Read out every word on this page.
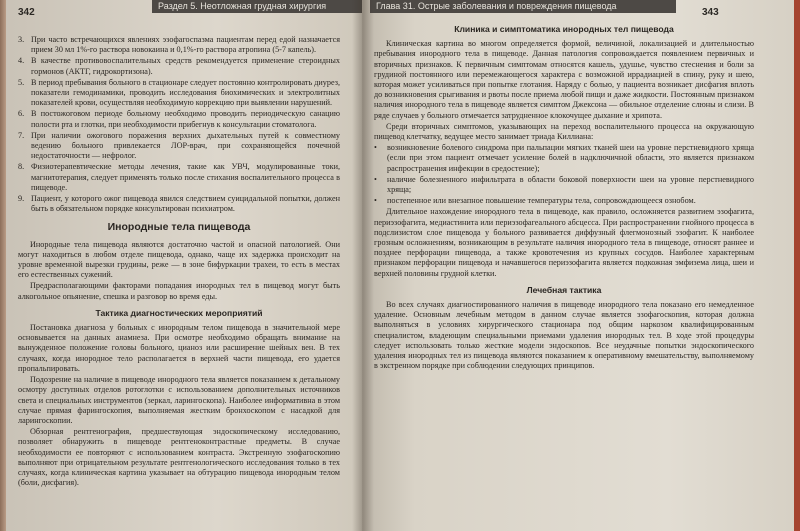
Раздел 5. Неотложная грудная хирургия
342
3. При часто встречающихся явлениях эзофагоспазма пациентам перед едой назначается прием 30 мл 1%-го раствора новокаина и 0,1%-го раствора атропина (5-7 капель).
4. В качестве противовоспалительных средств рекомендуется применение стероидных гормонов (АКТГ, гидрокортизона).
5. В период пребывания больного в стационаре следует постоянно контролировать диурез, показатели гемодинамики, проводить исследования биохимических и электролитных показателей крови, осуществляя необходимую коррекцию при выявлении нарушений.
6. В постожоговом периоде больному необходимо проводить периодическую санацию полости рта и глотки, при необходимости прибегнув к консультации стоматолога.
7. При наличии ожогового поражения верхних дыхательных путей к совместному ведению больного привлекается ЛОР-врач, при сохраняющейся почечной недостаточности — нефролог.
8. Физиотерапевтические методы лечения, такие как УВЧ, модулированные токи, магнитотерапия, следует применять только после стихания воспалительного процесса в пищеводе.
9. Пациент, у которого ожог пищевода явился следствием суицидальной попытки, должен быть в обязательном порядке консультирован психиатром.
Инородные тела пищевода

Инородные тела пищевода являются достаточно частой и опасной патологией. Они могут находиться в любом отделе пищевода, однако, чаще их задержка происходит на уровне временной вырезки грудины, реже — в зоне бифуркации трахеи, то есть в местах его естественных сужений.

Предрасполагающими факторами попадания инородных тел в пищевод могут быть алкогольное опьянение, спешка и разговор во время еды.

Тактика диагностических мероприятий

Постановка диагноза у больных с инородным телом пищевода в значительной мере основывается на данных анамнеза. При осмотре необходимо обращать внимание на вынужденное положение головы больного, цианоз или расширение шейных вен. В тех случаях, когда инородное тело располагается в верхней части пищевода, его удается пропальпировать.

Подозрение на наличие в пищеводе инородного тела является показанием к детальному осмотру доступных отделов ротоглотки с использованием дополнительных источников света и специальных инструментов (зеркал, ларингоскопа). Наиболее информативна в этом случае прямая фарингоскопия, выполняемая жестким бронхоскопом с насадкой для ларингоскопии.

Обзорная рентгенография, предшествующая эндоскопическому исследованию, позволяет обнаружить в пищеводе рентгеноконтрастные предметы. В случае необходимости ее повторяют с использованием контраста. Экстренную эзофагоскопию выполняют при отрицательном результате рентгенологического исследования только в тех случаях, когда клиническая картина указывает на обтурацию пищевода инородным телом (боли, дисфагия).

Глава 31. Острые заболевания и повреждения пищевода
343
Клиника и симптоматика инородных тел пищевода

Клиническая картина во многом определяется формой, величиной, локализацией и длительностью пребывания инородного тела в пищеводе. Данная патология сопровождается появлением первичных и вторичных признаков. К первичным симптомам относятся кашель, удушье, чувство стеснения и боли за грудиной постоянного или перемежающегося характера с возможной иррадиацией в спину, руку и шею, которая может усиливаться при попытке глотания. Наряду с болью, у пациента возникает дисфагия вплоть до возникновения срыгивания и рвоты после приема любой пищи и даже жидкости. Постоянным признаком наличия инородного тела в пищеводе является симптом Джексона — обильное отделение слюны и слизи. В ряде случаев у больного отмечается затрудненное клокочущее дыхание и хрипота.

Среди вторичных симптомов, указывающих на переход воспалительного процесса на окружающую пищевод клетчатку, ведущее место занимает триада Киллиана:

• возникновение болевого синдрома при пальпации мягких тканей шеи на уровне перстневидного хряща (если при этом пациент отмечает усиление болей в надключичной области, это является признаком распространения инфекции в средостение);
• наличие болезненного инфильтрата в области боковой поверхности шеи на уровне перстневидного хряща;
• постепенное или внезапное повышение температуры тела, сопровождающееся ознобом.

Длительное нахождение инородного тела в пищеводе, как правило, осложняется развитием эзофагита, периэзофагита, медиастинита или периэзофагеального абсцесса. При распространении гнойного процесса в подслизистом слое пищевода у больного развивается диффузный флегмонозный эзофагит. К наиболее грозным осложнениям, возникающим в результате наличия инородного тела в пищеводе, относят раннее и позднее перфорации пищевода, а также кровотечения из крупных сосудов. Наиболее характерным признаком перфорации пищевода и начавшегося периэзофагита является подкожная эмфизема лица, шеи и верхней половины грудной клетки.

Лечебная тактика

Во всех случаях диагностированного наличия в пищеводе инородного тела показано его немедленное удаление. Основным лечебным методом в данном случае является эзофагоскопия, которая должна выполняться в условиях хирургического стационара под общим наркозом квалифицированным специалистом, владеющим специальными приемами удаления инородных тел. В ходе этой процедуры следует использовать только жесткие модели эндоскопов. Все неудачные попытки эндоскопического удаления инородных тел из пищевода являются показанием к оперативному вмешательству, выполняемому в экстренном порядке при соблюдении следующих принципов.
